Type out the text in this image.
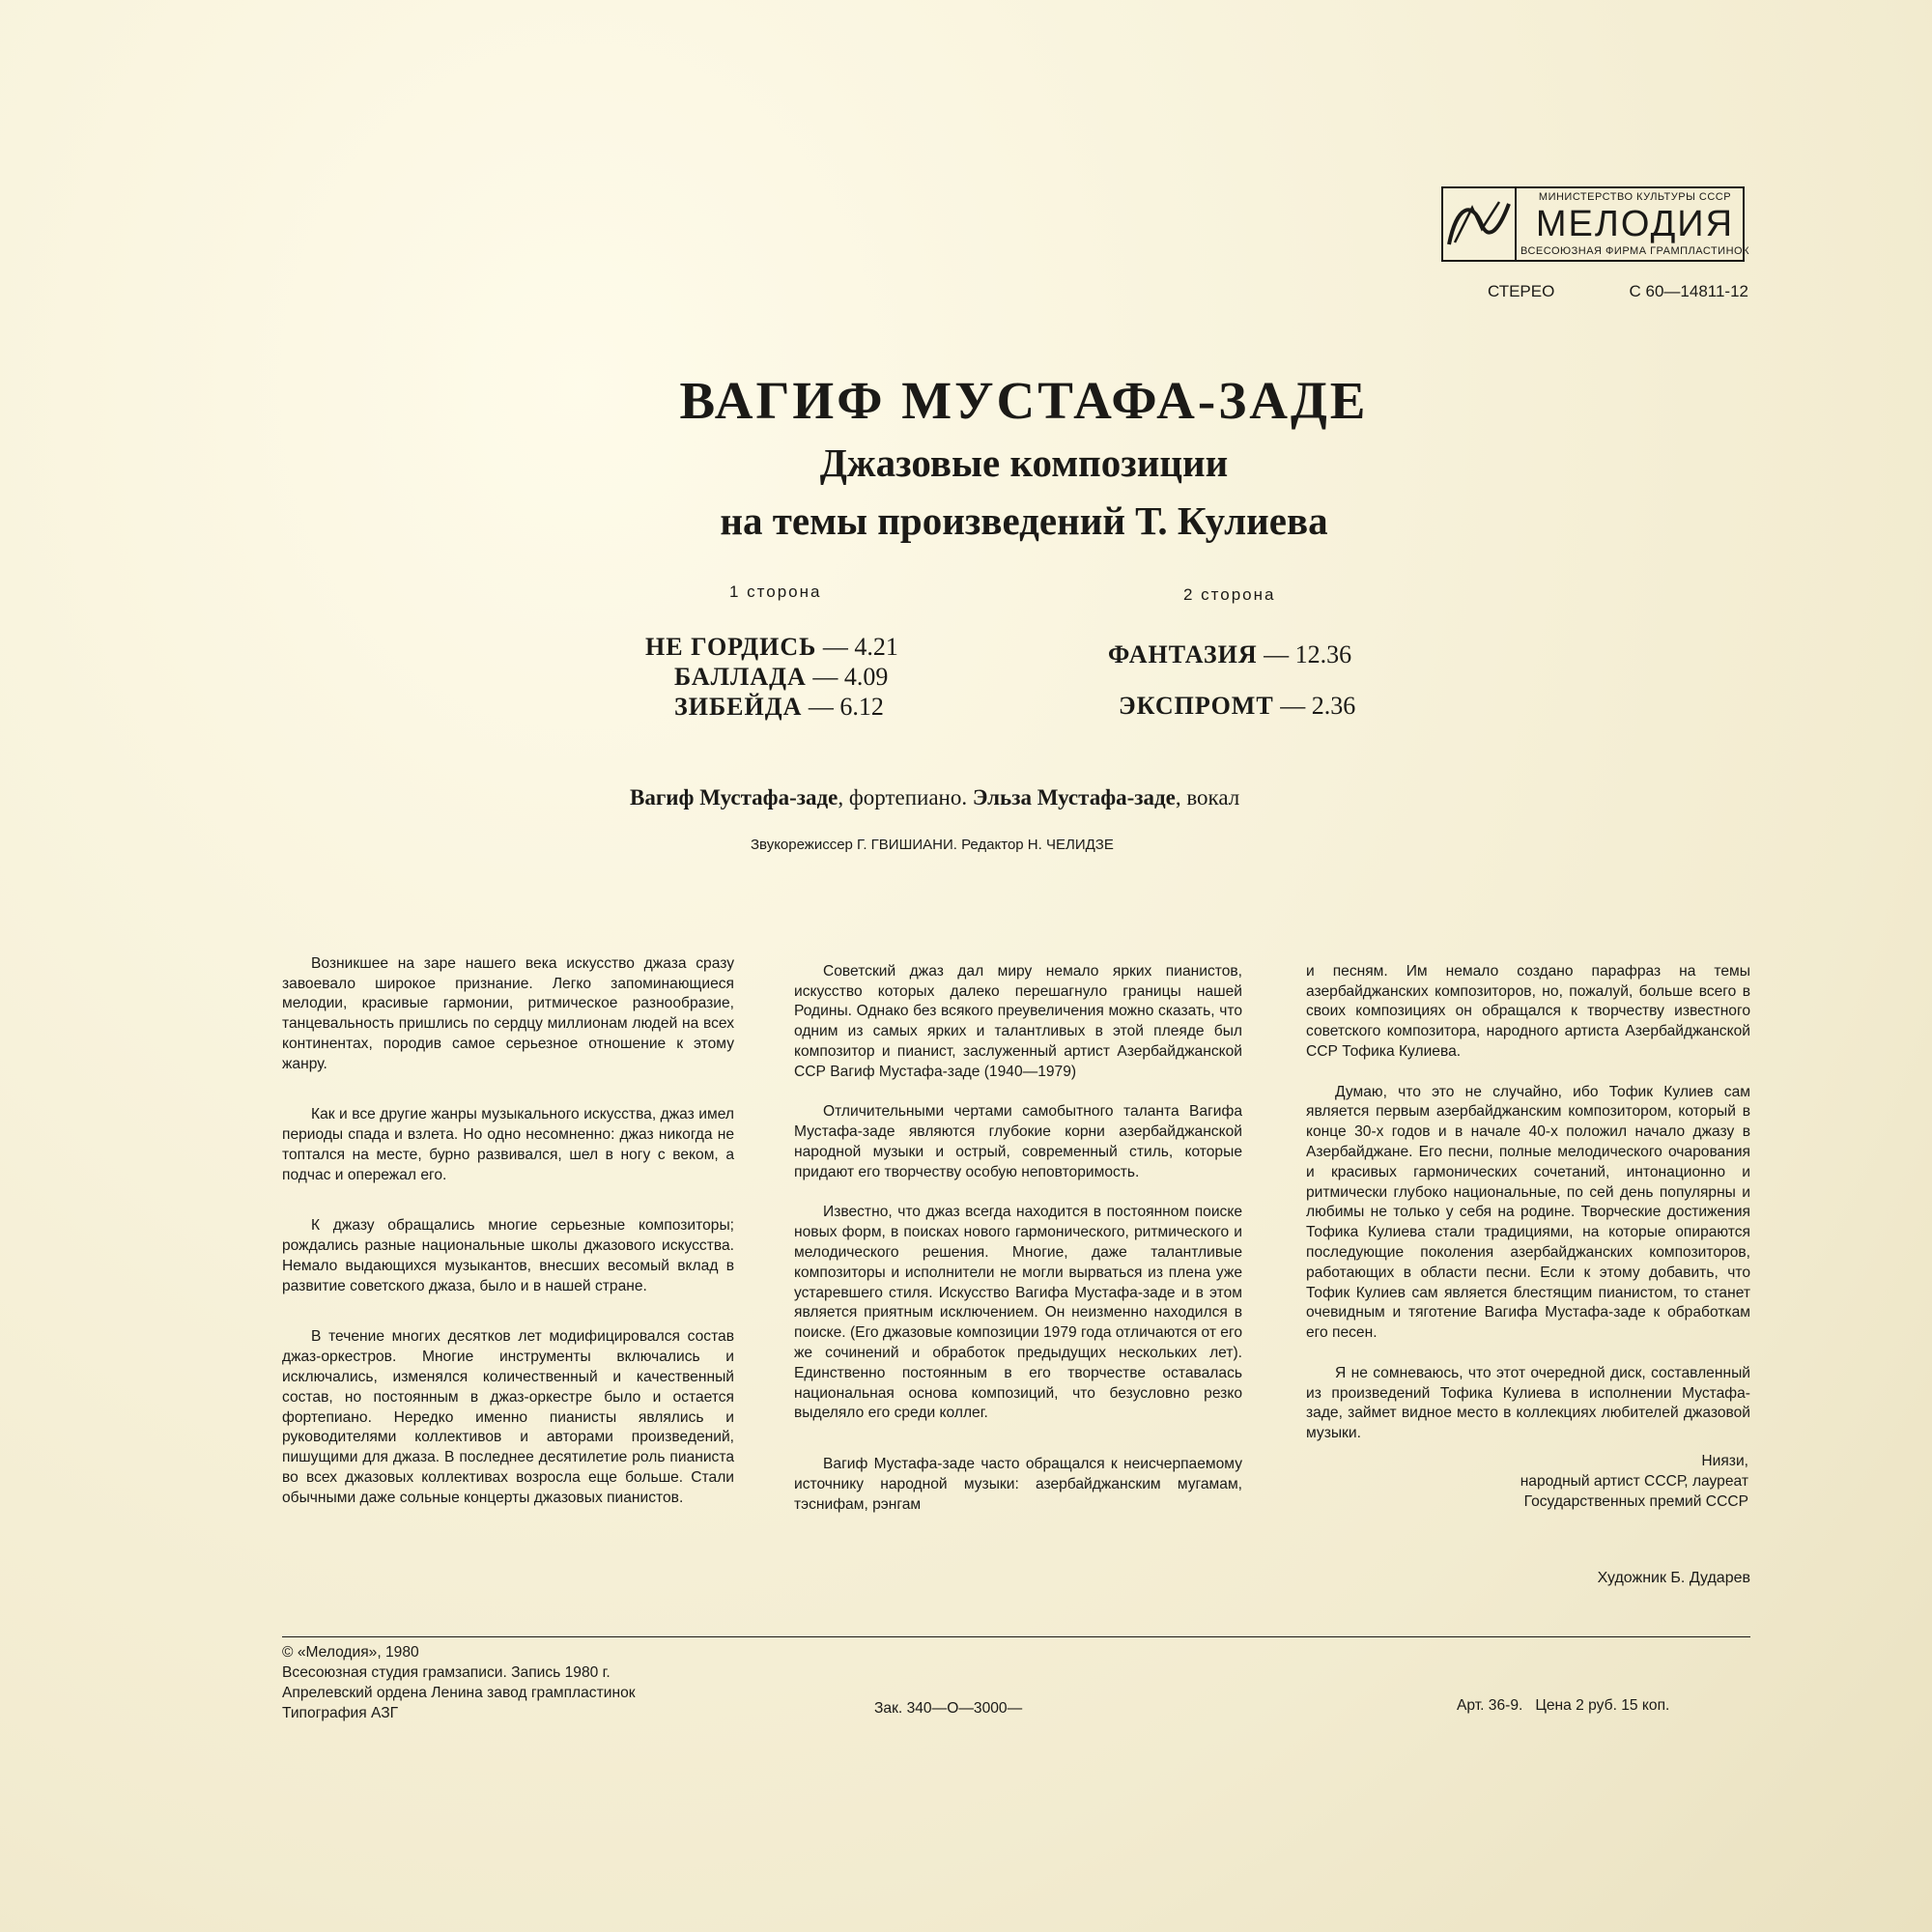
МИНИСТЕРСТВО КУЛЬТУРЫ СССР
МЕЛОДИЯ
ВСЕСОЮЗНАЯ ФИРМА ГРАМПЛАСТИНОК
СТЕРЕО	С 60—14811-12
ВАГИФ МУСТАФА-ЗАДЕ
Джазовые композиции
на темы произведений Т. Кулиева
1 сторона	2 сторона
НЕ ГОРДИСЬ — 4.21
БАЛЛАДА — 4.09
ЗИБЕЙДА — 6.12
ФАНТАЗИЯ — 12.36
ЭКСПРОМТ — 2.36
Вагиф Мустафа-заде, фортепиано. Эльза Мустафа-заде, вокал
Звукорежиссер Г. ГВИШИАНИ. Редактор Н. ЧЕЛИДЗЕ

Возникшее на заре нашего века искусство джаза сразу завоевало широкое признание. Легко запоминающиеся мелодии, красивые гармонии, ритмическое разнообразие, танцевальность пришлись по сердцу миллионам людей на всех континентах, породив самое серьезное отношение к этому жанру.

Как и все другие жанры музыкального искусства, джаз имел периоды спада и взлета. Но одно несомненно: джаз никогда не топтался на месте, бурно развивался, шел в ногу с веком, а подчас и опережал его.

К джазу обращались многие серьезные композиторы; рождались разные национальные школы джазового искусства. Немало выдающихся музыкантов, внесших весомый вклад в развитие советского джаза, было и в нашей стране.

В течение многих десятков лет модифицировался состав джаз-оркестров. Многие инструменты включались и исключались, изменялся количественный и качественный состав, но постоянным в джаз-оркестре было и остается фортепиано. Нередко именно пианисты являлись и руководителями коллективов и авторами произведений, пишущими для джаза. В последнее десятилетие роль пианиста во всех джазовых коллективах возросла еще больше. Стали обычными даже сольные концерты джазовых пианистов.

Советский джаз дал миру немало ярких пианистов, искусство которых далеко перешагнуло границы нашей Родины. Однако без всякого преувеличения можно сказать, что одним из самых ярких и талантливых в этой плеяде был композитор и пианист, заслуженный артист Азербайджанской ССР Вагиф Мустафа-заде (1940—1979)

Отличительными чертами самобытного таланта Вагифа Мустафа-заде являются глубокие корни азербайджанской народной музыки и острый, современный стиль, которые придают его творчеству особую неповторимость.

Известно, что джаз всегда находится в постоянном поиске новых форм, в поисках нового гармонического, ритмического и мелодического решения. Многие, даже талантливые композиторы и исполнители не могли вырваться из плена уже устаревшего стиля. Искусство Вагифа Мустафа-заде и в этом является приятным исключением. Он неизменно находился в поиске. (Его джазовые композиции 1979 года отличаются от его же сочинений и обработок предыдущих нескольких лет). Единственно постоянным в его творчестве оставалась национальная основа композиций, что безусловно резко выделяло его среди коллег.

Вагиф Мустафа-заде часто обращался к неисчерпаемому источнику народной музыки: азербайджанским мугамам, тэснифам, рэнгам

и песням. Им немало создано парафраз на темы азербайджанских композиторов, но, пожалуй, больше всего в своих композициях он обращался к творчеству известного советского композитора, народного артиста Азербайджанской ССР Тофика Кулиева.

Думаю, что это не случайно, ибо Тофик Кулиев сам является первым азербайджанским композитором, который в конце 30-х годов и в начале 40-х положил начало джазу в Азербайджане. Его песни, полные мелодического очарования и красивых гармонических сочетаний, интонационно и ритмически глубоко национальные, по сей день популярны и любимы не только у себя на родине. Творческие достижения Тофика Кулиева стали традициями, на которые опираются последующие поколения азербайджанских композиторов, работающих в области песни. Если к этому добавить, что Тофик Кулиев сам является блестящим пианистом, то станет очевидным и тяготение Вагифа Мустафа-заде к обработкам его песен.

Я не сомневаюсь, что этот очередной диск, составленный из произведений Тофика Кулиева в исполнении Мустафа-заде, займет видное место в коллекциях любителей джазовой музыки.

Ниязи,
народный артист СССР, лауреат
Государственных премий СССР
Художник Б. Дударев
© «Мелодия», 1980
Всесоюзная студия грамзаписи. Запись 1980 г.
Апрелевский ордена Ленина завод грампластинок
Типография АЗГ	Зак. 340—О—3000—	Арт. 36-9.   Цена 2 руб. 15 коп.
